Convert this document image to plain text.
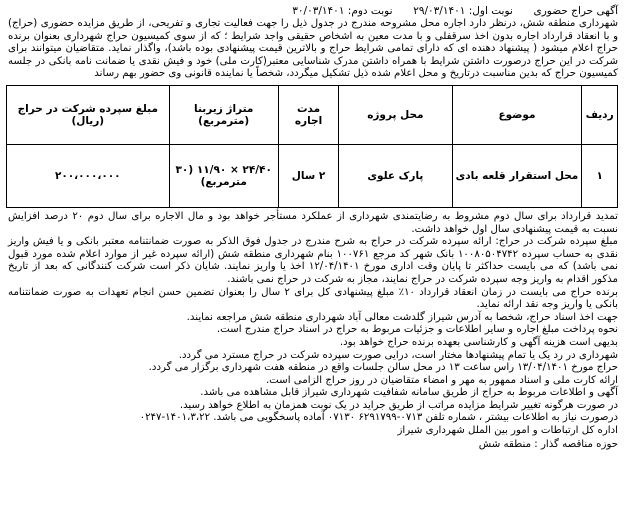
آگهی حراج حضوری  نوبت اول: ۲۹/۰۳/۱۴۰۱  نوبت دوم: ۳۰/۰۳/۱۴۰۱

شهرداری منطقه شش، درنظر دارد اجاره محل مشروحه مندرج در جدول ذیل را جهت فعالیت تجاری و تفریحی، از طریق مزایده حضوری (حراج) و با انعقاد قرارداد اجاره بدون اخذ سرقفلی و با مدت معین به اشخاص حقیقی واجد شرایط ؛ که از سوی کمیسیون حراج شهرداری بعنوان برنده حراج اعلام میشود ( پیشنهاد دهنده ای که دارای تمامی شرایط حراج و بالاترین قیمت پیشنهادی بوده باشد)، واگذار نماید. متقاضیان میتوانند برای شرکت در این حراج درصورت داشتن شرایط با همراه داشتن مدرک شناسایی معتبر(کارت ملی) خود و فیش نقدی یا ضمانت نامه بانکی در جلسه کمیسیون حراج که بدین مناسبت درتاریخ و محل اعلام شده ذیل تشکیل میگردد، شخصاً یا نماینده قانونی وی حضور بهم رساند

ردیف	موضوع	محل پروژه	مدت اجاره	متراژ زیربنا (مترمربع)	مبلغ سپرده شرکت در حراج (ریال)
۱	محل استقرار قلعه بادی	پارک علوی	۲ سال	۲۴/۴۰ × ۱۱/۹۰ (۳۰ مترمربع)	۲۰۰،۰۰۰،۰۰۰

تمدید قرارداد برای سال دوم مشروط به رضایتمندی شهرداری از عملکرد مستأجر خواهد بود و مال الاجاره برای سال دوم ۲۰ درصد افزایش نسبت به قیمت پیشنهادی سال اول خواهد داشت.

مبلغ سپرده شرکت در حراج: ارائه سپرده شرکت در حراج به شرح مندرج در جدول فوق الذکر به صورت ضمانتنامه معتبر بانکی و یا فیش واریز نقدی به حساب سپرده ۱۰۰۸۰۵۰۴۷۴۲ بانک شهر کد مرجع ۱۰۰۷۶۱ بنام شهرداری منطقه شش (ارائه سپرده غیر از موارد اعلام شده مورد قبول نمی باشد) که می بایست حداکثر تا پایان وقت اداری مورخ ۱۲/۰۴/۱۴۰۱ اخذ یا واریز نمایند. شایان ذکر است شرکت کنندگانی که بعد از تاریخ مذکور اقدام به واریز وجه سپرده شرکت در حراج نمایند، مجاز به شرکت در حراج نمی باشند.

برنده حراج می بایست در زمان انعقاد قرارداد ۱۰٪ مبلغ پیشنهادی کل برای ۲ سال را بعنوان تضمین حسن انجام تعهدات به صورت ضمانتنامه بانکی یا واریز وجه نقد ارائه نماید.

جهت اخذ اسناد حراج، شخصا به آدرس شیراز گلدشت معالی آباد شهرداری منطقه شش مراجعه نمایند.

نحوه پرداخت مبلغ اجاره و سایر اطلاعات و جزئیات مربوط به حراج در اسناد حراج مندرج است.

بدیهی است هزینه آگهی و کارشناسی بعهده برنده حراج خواهد بود.

شهرداری در رد یک یا تمام پیشنهادها مختار است، درایی صورت سپرده شرکت در حراج مسترد می گردد.

حراج مورخ ۱۳/۰۴/۱۴۰۱ راس ساعت ۱۳ در محل سالن جلسات واقع در منطقه هفت شهرداری برگزار می گردد.

ارائه کارت ملی و اسناد ممهور به مهر و امضاء متقاضیان در روز حراج الزامی است.

آگهی و اطلاعات مربوط به حراج از طریق سامانه شفافیت شهرداری شیراز قابل مشاهده می باشد.

در صورت هرگونه تغییر شرایط مزایده مراتب از طریق جراید در یک نوبت همزمان به اطلاع خواهد رسید.

درصورت نیاز به اطلاعات بیشتر ، شماره تلفن ۰۷۱۳-۶۲۹۱۷۹۹ ۰۷۱۳۰ آماده پاسخگویی می باشد. ۱۴۰۱،۳،۲۲-۰۲۴۷

اداره کل ارتباطات و امور بین الملل شهرداری شیراز

حوزه مناقصه گذار : منطقه شش
